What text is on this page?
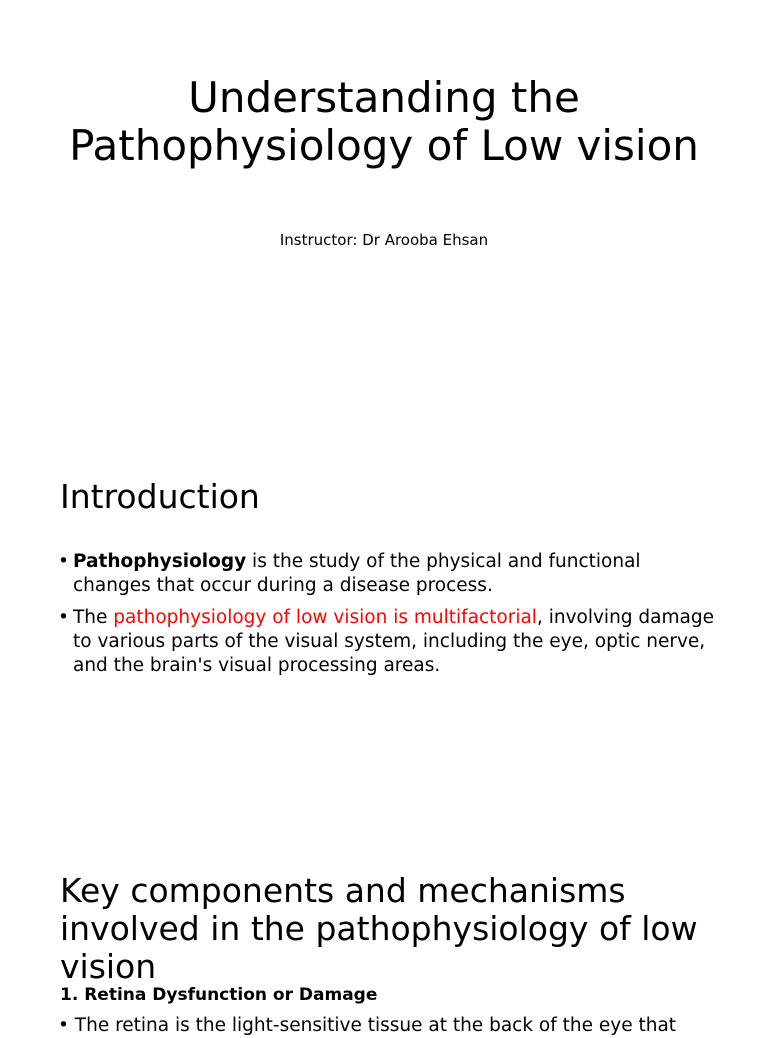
Understanding the Pathophysiology of Low vision

Instructor: Dr Arooba Ehsan

Introduction
• Pathophysiology is the study of the physical and functional changes that occur during a disease process.
• The pathophysiology of low vision is multifactorial, involving damage to various parts of the visual system, including the eye, optic nerve, and the brain's visual processing areas.
Key components and mechanisms involved in the pathophysiology of low vision

1. Retina Dysfunction or Damage

• The retina is the light-sensitive tissue at the back of the eye that
